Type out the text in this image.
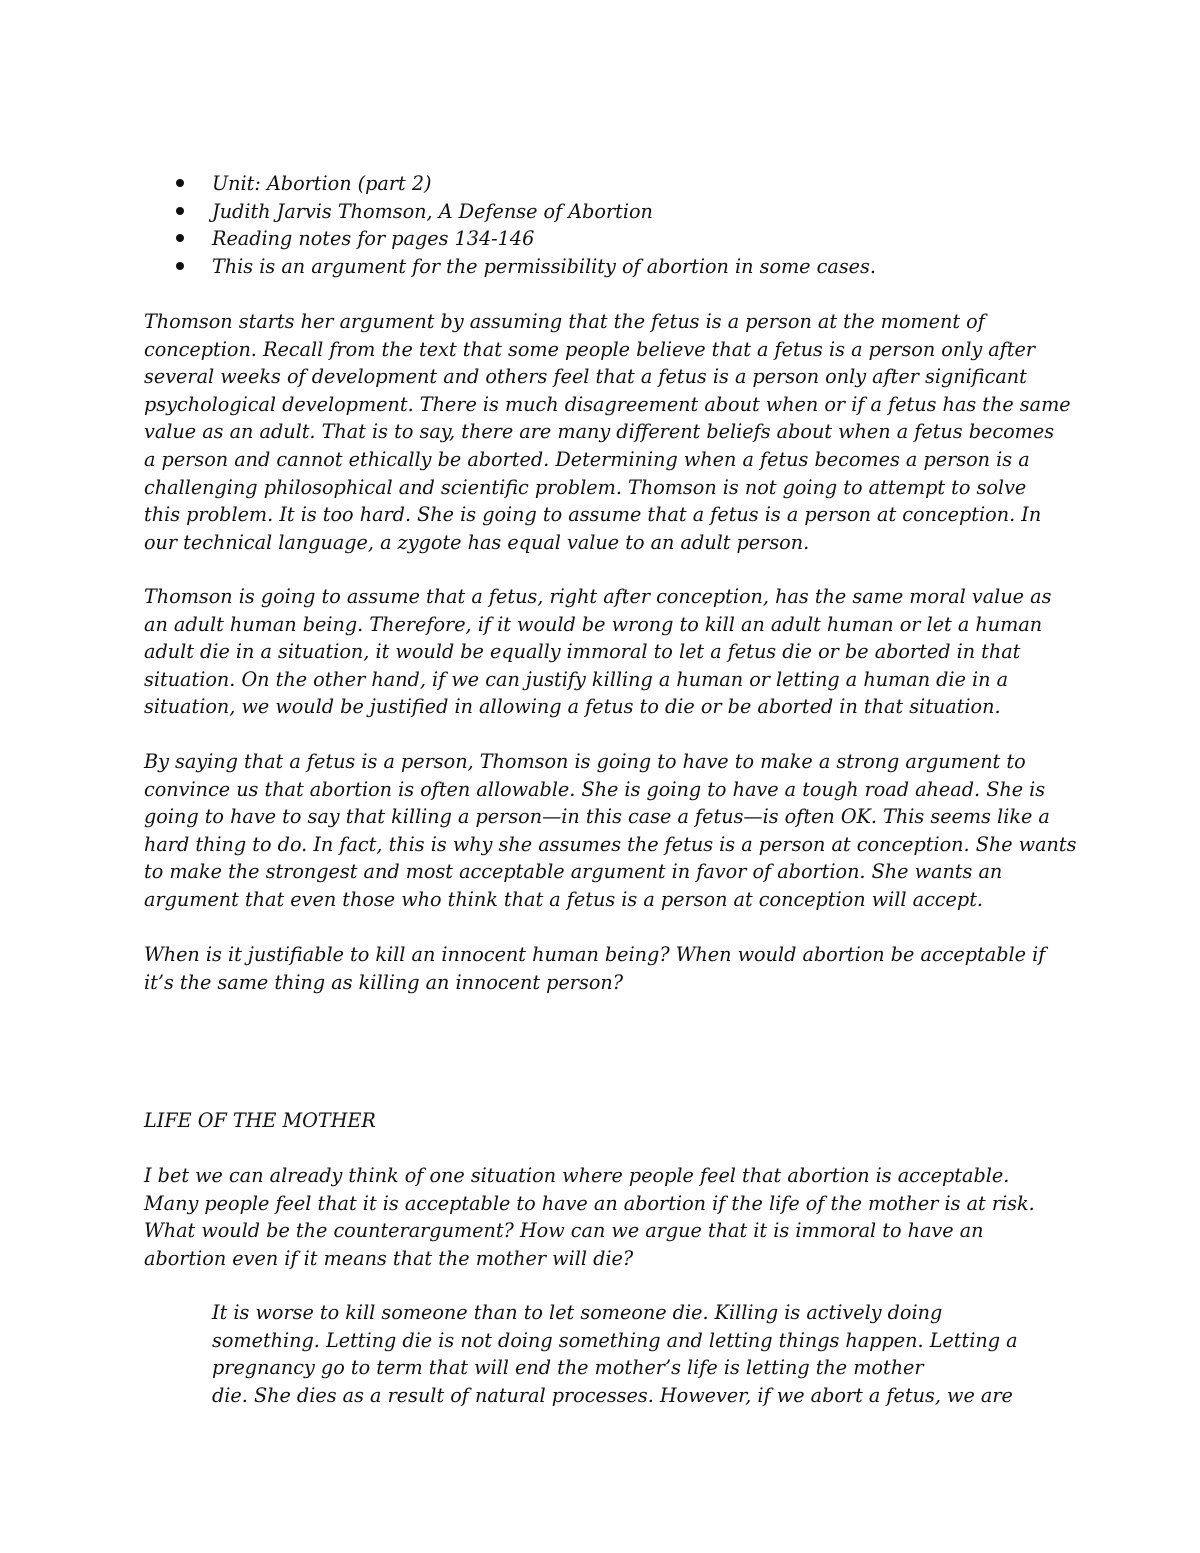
Unit: Abortion (part 2)
Judith Jarvis Thomson, A Defense of Abortion
Reading notes for pages 134-146
This is an argument for the permissibility of abortion in some cases.

Thomson starts her argument by assuming that the fetus is a person at the moment of
conception. Recall from the text that some people believe that a fetus is a person only after
several weeks of development and others feel that a fetus is a person only after significant
psychological development. There is much disagreement about when or if a fetus has the same
value as an adult. That is to say, there are many different beliefs about when a fetus becomes
a person and cannot ethically be aborted. Determining when a fetus becomes a person is a
challenging philosophical and scientific problem. Thomson is not going to attempt to solve
this problem. It is too hard. She is going to assume that a fetus is a person at conception. In
our technical language, a zygote has equal value to an adult person.

Thomson is going to assume that a fetus, right after conception, has the same moral value as
an adult human being. Therefore, if it would be wrong to kill an adult human or let a human
adult die in a situation, it would be equally immoral to let a fetus die or be aborted in that
situation. On the other hand, if we can justify killing a human or letting a human die in a
situation, we would be justified in allowing a fetus to die or be aborted in that situation.

By saying that a fetus is a person, Thomson is going to have to make a strong argument to
convince us that abortion is often allowable. She is going to have a tough road ahead. She is
going to have to say that killing a person—in this case a fetus—is often OK. This seems like a
hard thing to do. In fact, this is why she assumes the fetus is a person at conception. She wants
to make the strongest and most acceptable argument in favor of abortion. She wants an
argument that even those who think that a fetus is a person at conception will accept.

When is it justifiable to kill an innocent human being? When would abortion be acceptable if
it’s the same thing as killing an innocent person?

LIFE OF THE MOTHER

I bet we can already think of one situation where people feel that abortion is acceptable.
Many people feel that it is acceptable to have an abortion if the life of the mother is at risk.
What would be the counterargument? How can we argue that it is immoral to have an
abortion even if it means that the mother will die?

It is worse to kill someone than to let someone die. Killing is actively doing
something. Letting die is not doing something and letting things happen. Letting a
pregnancy go to term that will end the mother’s life is letting the mother
die. She dies as a result of natural processes. However, if we abort a fetus, we are
